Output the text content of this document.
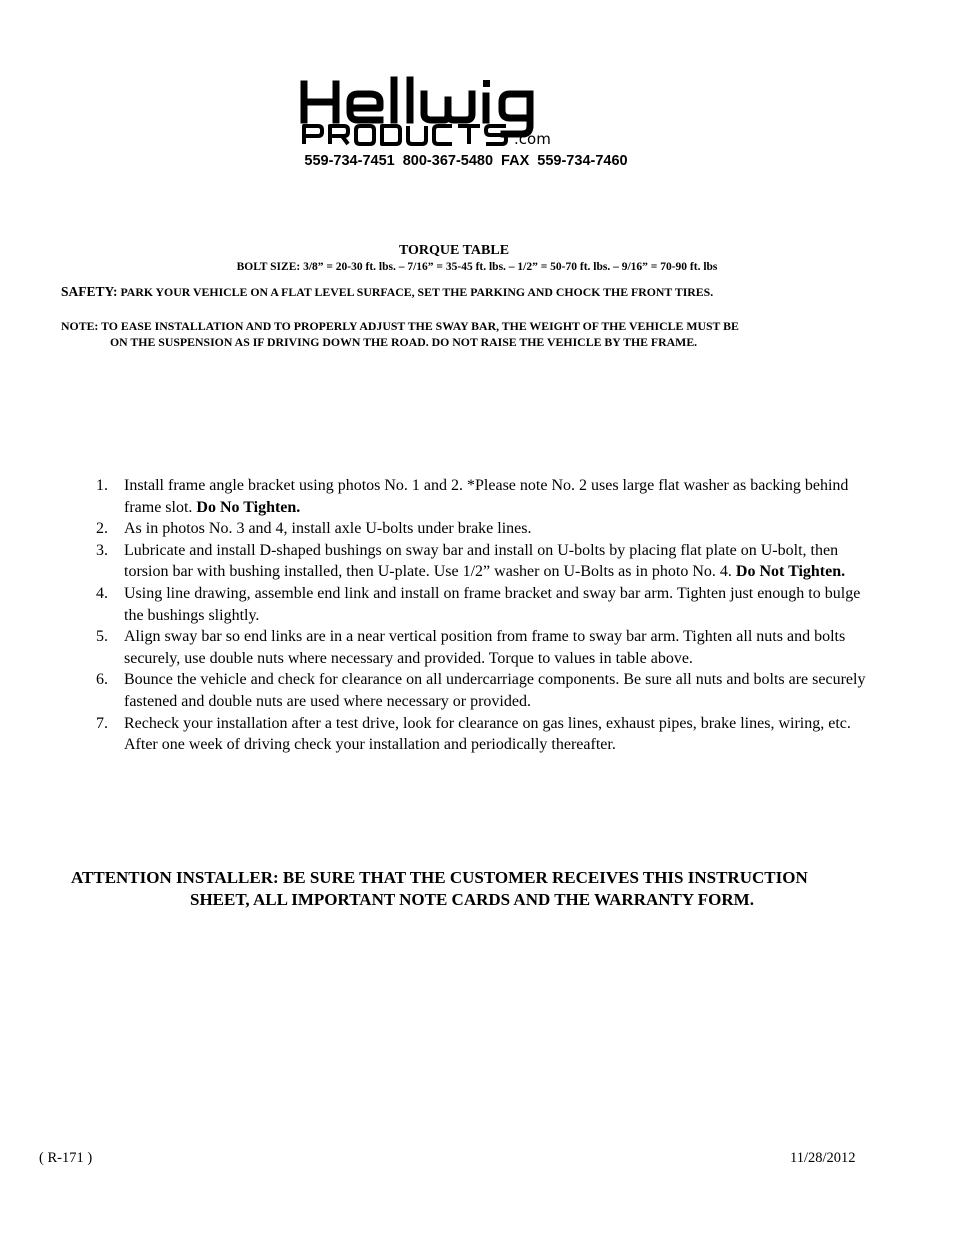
.com
559-734-7451 800-367-5480 FAX 559-734-7460
TORQUE TABLE
BOLT SIZE: 3/8” = 20-30 ft. lbs. – 7/16” = 35-45 ft. lbs. – 1/2” = 50-70 ft. lbs. – 9/16” = 70-90 ft. lbs
SAFETY: PARK YOUR VEHICLE ON A FLAT LEVEL SURFACE, SET THE PARKING AND CHOCK THE FRONT TIRES.
NOTE: TO EASE INSTALLATION AND TO PROPERLY ADJUST THE SWAY BAR, THE WEIGHT OF THE VEHICLE MUST BE
ON THE SUSPENSION AS IF DRIVING DOWN THE ROAD. DO NOT RAISE THE VEHICLE BY THE FRAME.
1. Install frame angle bracket using photos No. 1 and 2. *Please note No. 2 uses large flat washer as backing behind frame slot. Do No Tighten.
2. As in photos No. 3 and 4, install axle U-bolts under brake lines.
3. Lubricate and install D-shaped bushings on sway bar and install on U-bolts by placing flat plate on U-bolt, then torsion bar with bushing installed, then U-plate. Use 1/2” washer on U-Bolts as in photo No. 4. Do Not Tighten.
4. Using line drawing, assemble end link and install on frame bracket and sway bar arm. Tighten just enough to bulge the bushings slightly.
5. Align sway bar so end links are in a near vertical position from frame to sway bar arm. Tighten all nuts and bolts securely, use double nuts where necessary and provided. Torque to values in table above.
6. Bounce the vehicle and check for clearance on all undercarriage components. Be sure all nuts and bolts are securely fastened and double nuts are used where necessary or provided.
7. Recheck your installation after a test drive, look for clearance on gas lines, exhaust pipes, brake lines, wiring, etc. After one week of driving check your installation and periodically thereafter.
ATTENTION INSTALLER: BE SURE THAT THE CUSTOMER RECEIVES THIS INSTRUCTION
SHEET, ALL IMPORTANT NOTE CARDS AND THE WARRANTY FORM.
( R-171 )	11/28/2012
